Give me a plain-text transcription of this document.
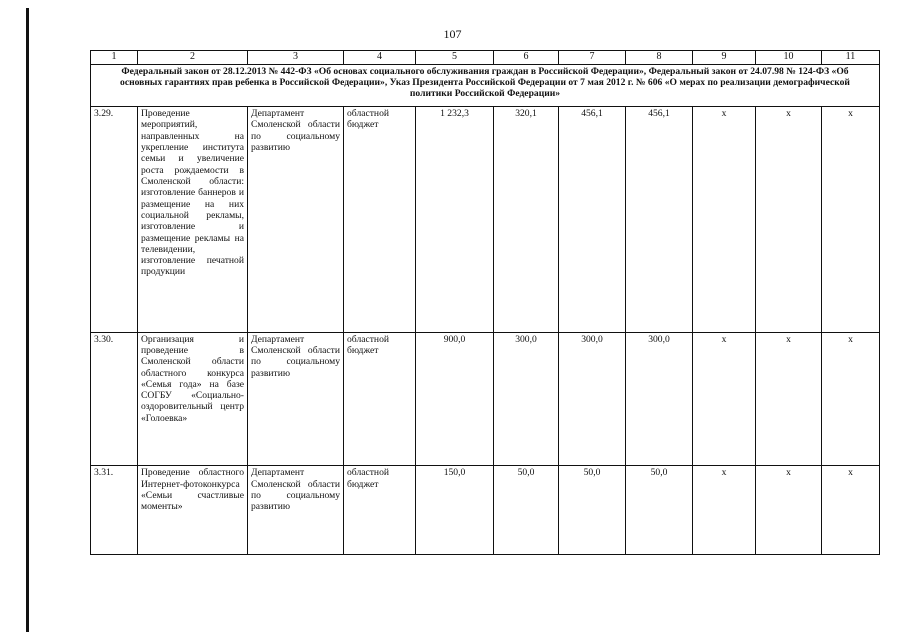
107
1	2	3	4	5	6	7	8	9	10	11
Федеральный закон от 28.12.2013 № 442-ФЗ «Об основах социального обслуживания граждан в Российской Федерации», Федеральный закон от 24.07.98 № 124-ФЗ «Об основных гарантиях прав ребенка в Российской Федерации», Указ Президента Российской Федерации от 7 мая 2012 г. № 606 «О мерах по реализации демографической политики Российской Федерации»										
3.29.	Проведение мероприятий, направленных на укрепление института семьи и увеличение роста рождаемости в Смоленской области: изготовление баннеров и размещение на них социальной рекламы, изготовление и размещение рекламы на телевидении, изготовление печатной продукции	Департамент Смоленской области по социальному развитию	областной бюджет	1 232,3	320,1	456,1	456,1	х	х	х
3.30.	Организация и проведение в Смоленской области областного конкурса «Семья года» на базе СОГБУ «Социально-оздоровительный центр «Голоевка»	Департамент Смоленской области по социальному развитию	областной бюджет	900,0	300,0	300,0	300,0	х	х	х
3.31.	Проведение областного Интернет-фотоконкурса «Семьи счастливые моменты»	Департамент Смоленской области по социальному развитию	областной бюджет	150,0	50,0	50,0	50,0	х	х	х
